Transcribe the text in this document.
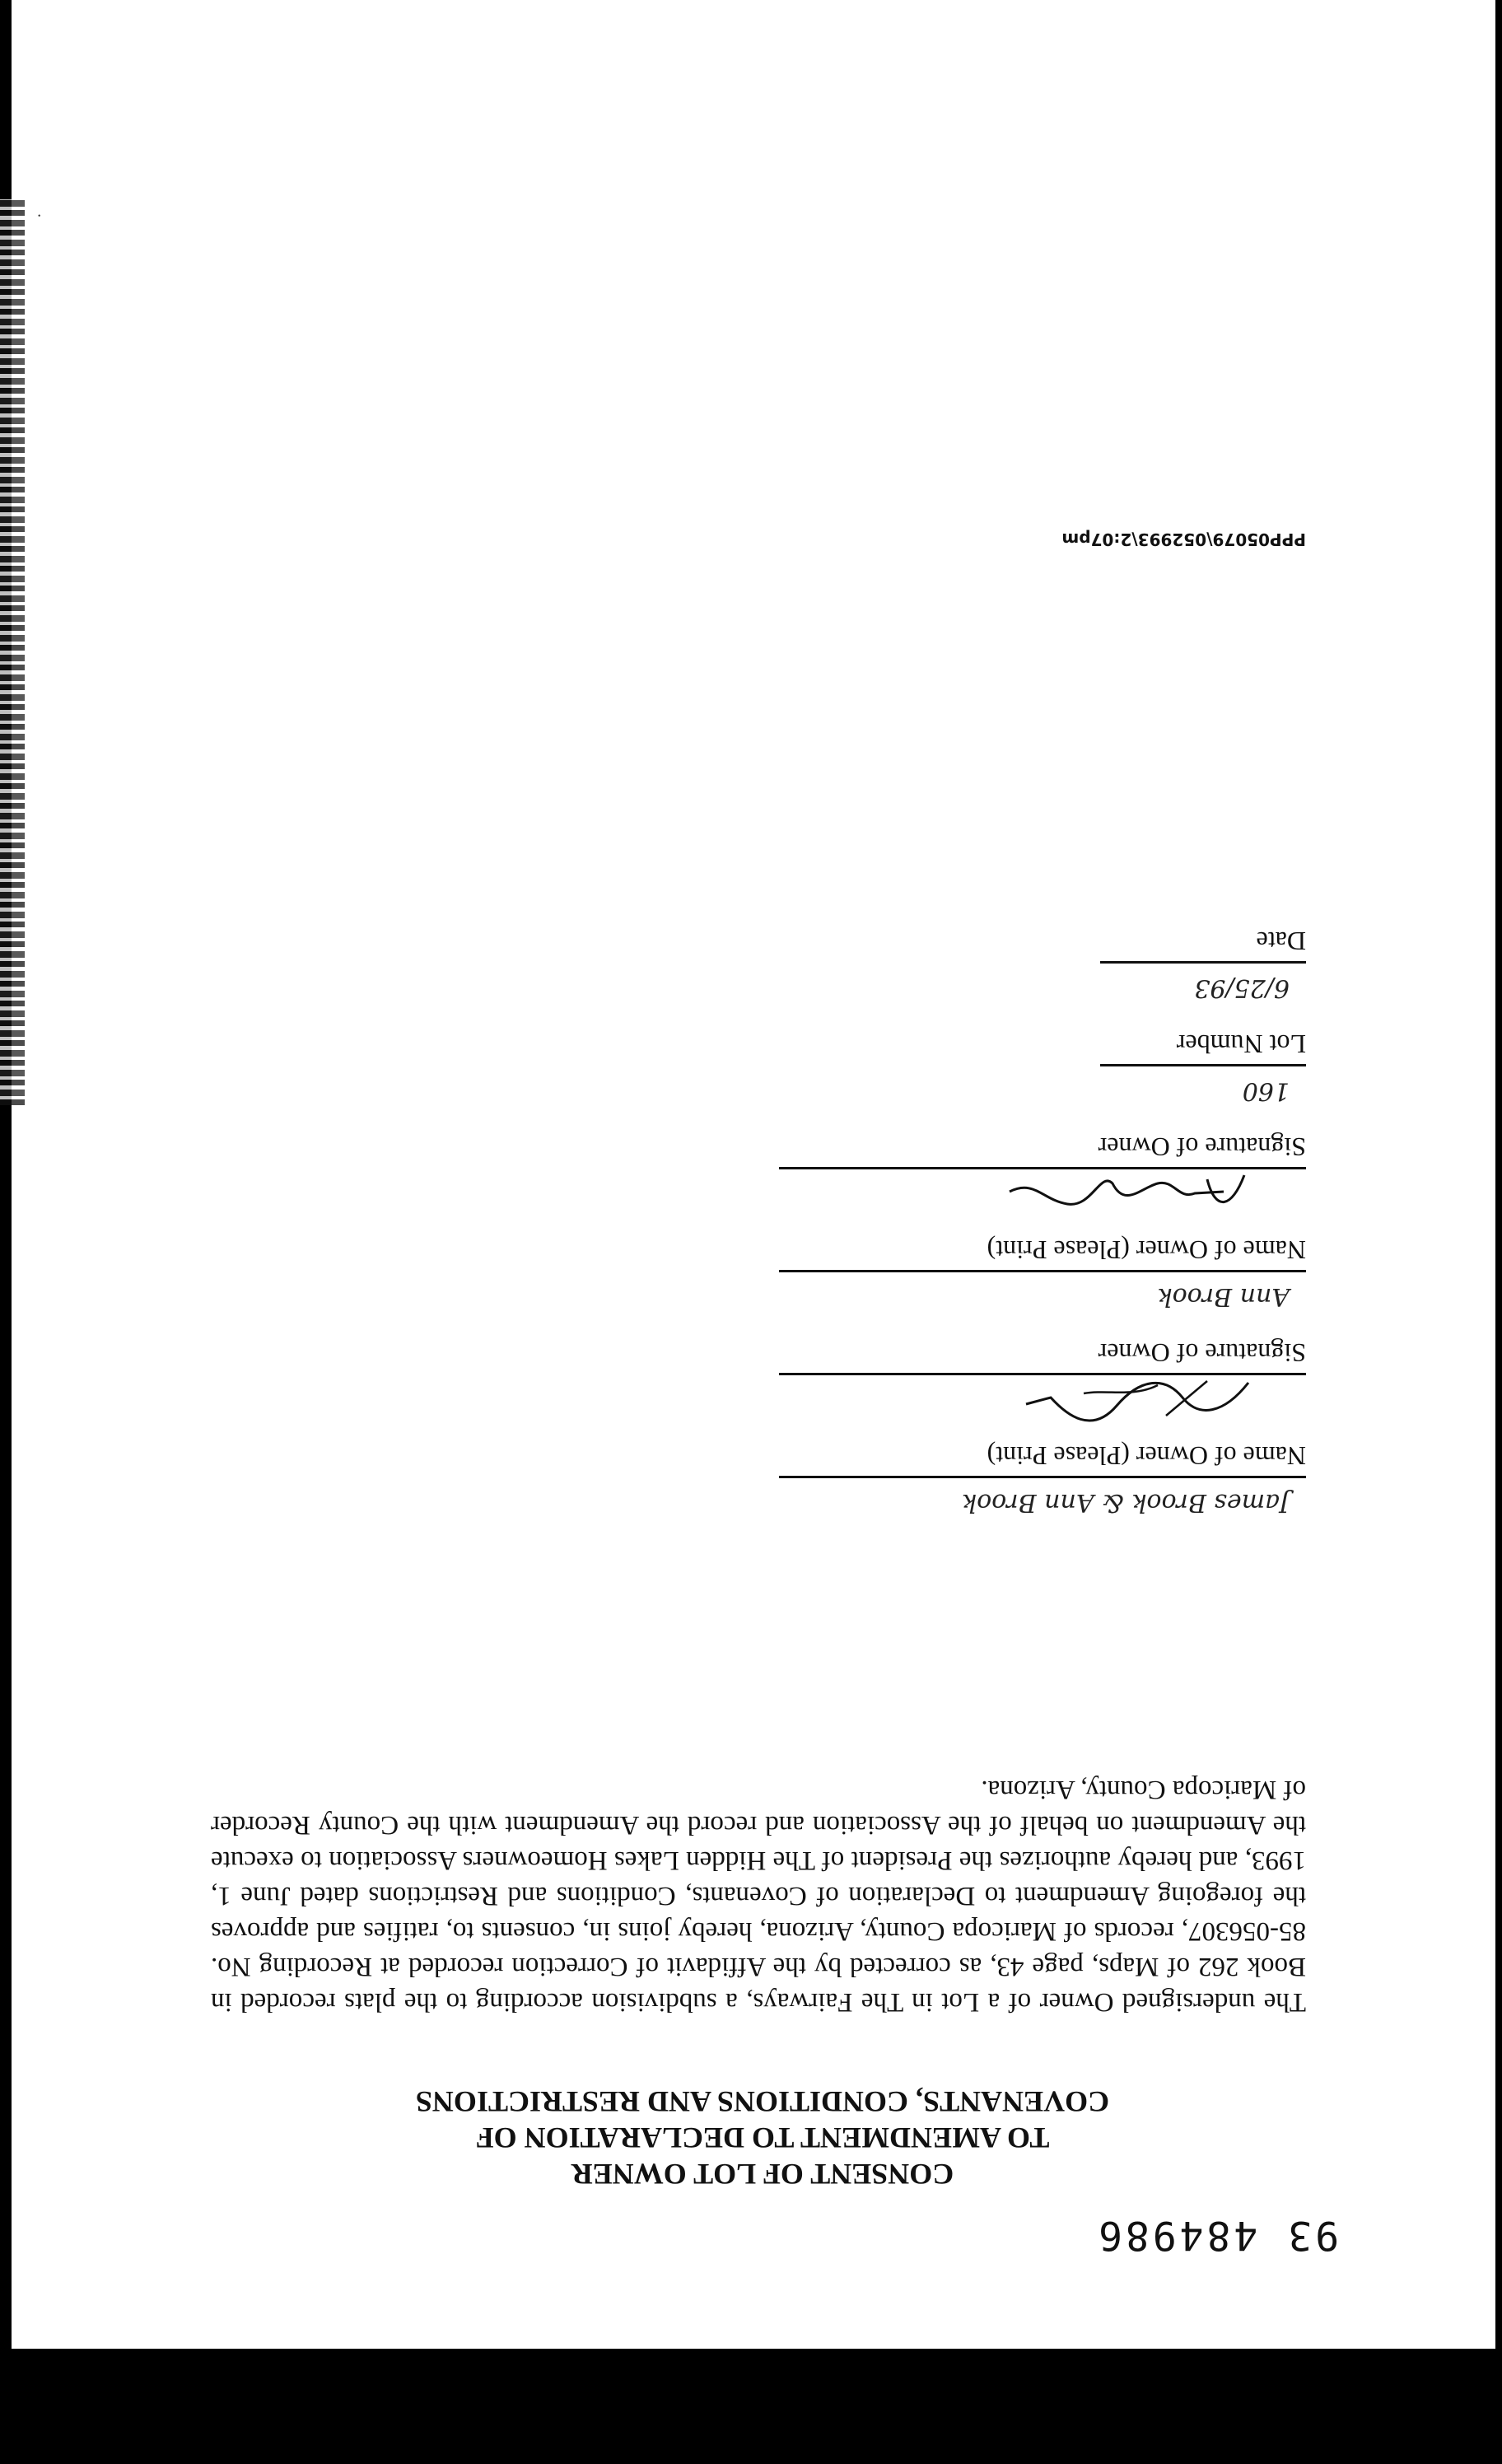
93 484986
CONSENT OF LOT OWNER
TO AMENDMENT TO DECLARATION OF
COVENANTS, CONDITIONS AND RESTRICTIONS
The undersigned Owner of a Lot in The Fairways, a subdivision according to the plats recorded in Book 262 of Maps, page 43, as corrected by the Affidavit of Correction recorded at Recording No. 85-056307, records of Maricopa County, Arizona, hereby joins in, consents to, ratifies and approves the foregoing Amendment to Declaration of Covenants, Conditions and Restrictions dated June 1, 1993, and hereby authorizes the President of The Hidden Lakes Homeowners Association to execute the Amendment on behalf of the Association and record the Amendment with the County Recorder of Maricopa County, Arizona.
James Brook & Ann Brook
Name of Owner (Please Print)
Signature of Owner
Ann Brook
Name of Owner (Please Print)
Signature of Owner
160
Lot Number
6/25/93
Date
PPP05079\052993\2:07pm
·
